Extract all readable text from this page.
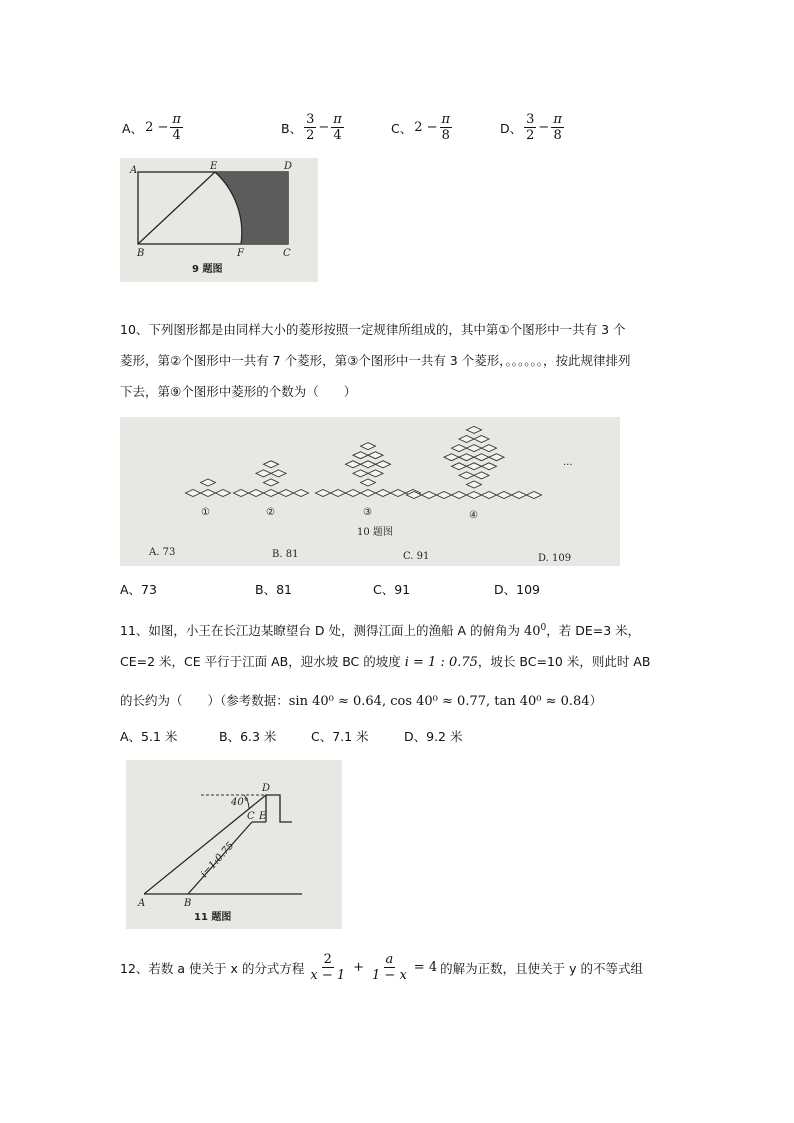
A、 $2 - \frac{\pi}{4}$	B、 $\frac{3}{2} - \frac{\pi}{4}$	C、 $2 - \frac{\pi}{8}$	D、 $\frac{3}{2} - \frac{\pi}{8}$
A	E	D
B	F	C
9 题图
10、下列图形都是由同样大小的菱形按照一定规律所组成的，其中第①个图形中一共有 3 个
菱形，第②个图形中一共有 7 个菱形，第③个图形中一共有 3 个菱形，。。。。。。，按此规律排列
下去，第⑨个图形中菱形的个数为（　　）
①	②	③	④
...
10 题图
A. 73	B. 81	C. 91	D. 109
A、73	B、81	C、91	D、109
11、如图，小王在长江边某瞭望台 D 处，测得江面上的渔船 A 的俯角为 $40^0$，若 DE=3 米，
CE=2 米，CE 平行于江面 AB，迎水坡 BC 的坡度 i = 1 : 0.75，坡长 BC=10 米，则此时 AB
的长约为（　　）（参考数据：sin 40⁰ ≈ 0.64, cos 40⁰ ≈ 0.77, tan 40⁰ ≈ 0.84）
A、5.1 米	B、6.3 米	C、7.1 米	D、9.2 米
40°
D
C E
A	B
i=1:0.75
11 题图
12、若数 a 使关于 x 的分式方程 $\frac{2}{x - 1} + \frac{a}{1 - x} = 4$ 的解为正数，且使关于 y 的不等式组
